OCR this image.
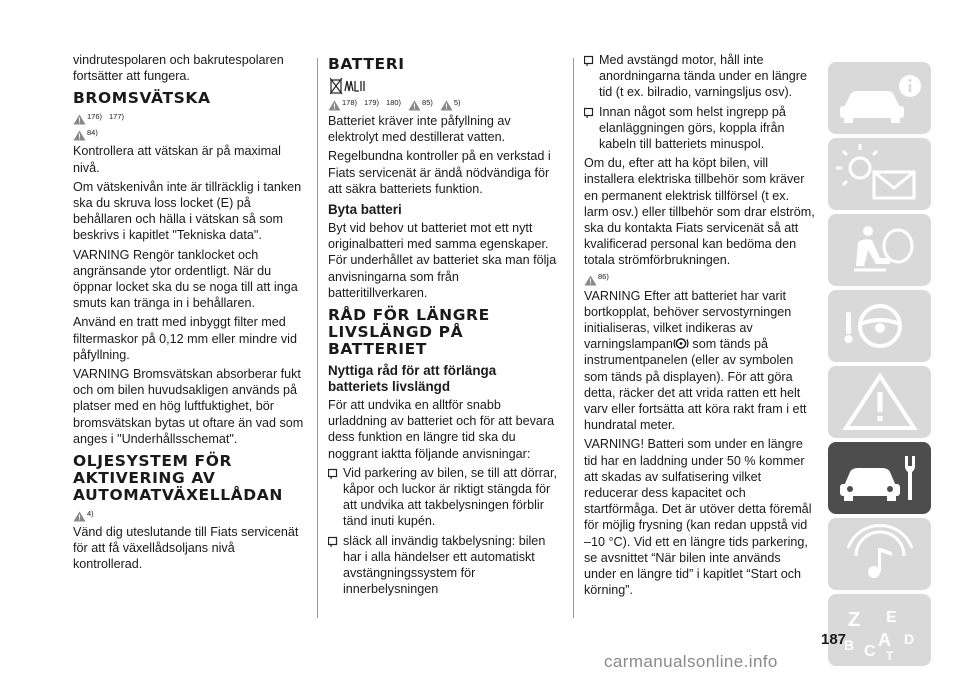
vindrutespolaren och bakrutespolaren fortsätter att fungera.

BROMSVÄTSKA
176) 177)
84)

Kontrollera att vätskan är på maximal nivå.

Om vätskenivån inte är tillräcklig i tanken ska du skruva loss locket (E) på behållaren och hälla i vätskan så som beskrivs i kapitlet "Tekniska data".

VARNING Rengör tanklocket och angränsande ytor ordentligt. När du öppnar locket ska du se noga till att inga smuts kan tränga in i behållaren.

Använd en tratt med inbyggt filter med filtermaskor på 0,12 mm eller mindre vid påfyllning.

VARNING Bromsvätskan absorberar fukt och om bilen huvudsakligen används på platser med en hög luftfuktighet, bör bromsvätskan bytas ut oftare än vad som anges i "Underhållsschemat".

OLJESYSTEM FÖR AKTIVERING AV AUTOMATVÄXELLÅDAN
4)

Vänd dig uteslutande till Fiats servicenät för att få växellådsoljans nivå kontrollerad.

BATTERI
178) 179) 180)	85)	5)

Batteriet kräver inte påfyllning av elektrolyt med destillerat vatten.

Regelbundna kontroller på en verkstad i Fiats servicenät är ändå nödvändiga för att säkra batteriets funktion.

Byta batteri

Byt vid behov ut batteriet mot ett nytt originalbatteri med samma egenskaper. För underhållet av batteriet ska man följa anvisningarna som från batteritillverkaren.

RÅD FÖR LÄNGRE LIVSLÄNGD PÅ BATTERIET
Nyttiga råd för att förlänga batteriets livslängd

För att undvika en alltför snabb urladdning av batteriet och för att bevara dess funktion en längre tid ska du noggrant iaktta följande anvisningar:

Vid parkering av bilen, se till att dörrar, kåpor och luckor är riktigt stängda för att undvika att takbelysningen förblir tänd inuti kupén.

släck all invändig takbelysning: bilen har i alla händelser ett automatiskt avstängningssystem för innerbelysningen

Med avstängd motor, håll inte anordningarna tända under en längre tid (t ex. bilradio, varningsljus osv).

Innan något som helst ingrepp på elanläggningen görs, koppla ifrån kabeln till batteriets minuspol.

Om du, efter att ha köpt bilen, vill installera elektriska tillbehör som kräver en permanent elektrisk tillförsel (t ex. larm osv.) eller tillbehör som drar elström, ska du kontakta Fiats servicenät så att kvalificerad personal kan bedöma den totala strömförbrukningen.

86)

VARNING Efter att batteriet har varit bortkopplat, behöver servostyrningen initialiseras, vilket indikeras av varningslampan som tänds på instrumentpanelen (eller av symbolen som tänds på displayen). För att göra detta, räcker det att vrida ratten ett helt varv eller fortsätta att köra rakt fram i ett hundratal meter.

VARNING! Batteri som under en längre tid har en laddning under 50 % kommer att skadas av sulfatisering vilket reducerar dess kapacitet och startförmåga. Det är utöver detta föremål för möjlig frysning (kan redan uppstå vid –10 °C). Vid ett en längre tids parkering, se avsnittet “När bilen inte används under en längre tid” i kapitlet “Start och körning”.

Z E
B C
A D
T
187
carmanualsonline.info
